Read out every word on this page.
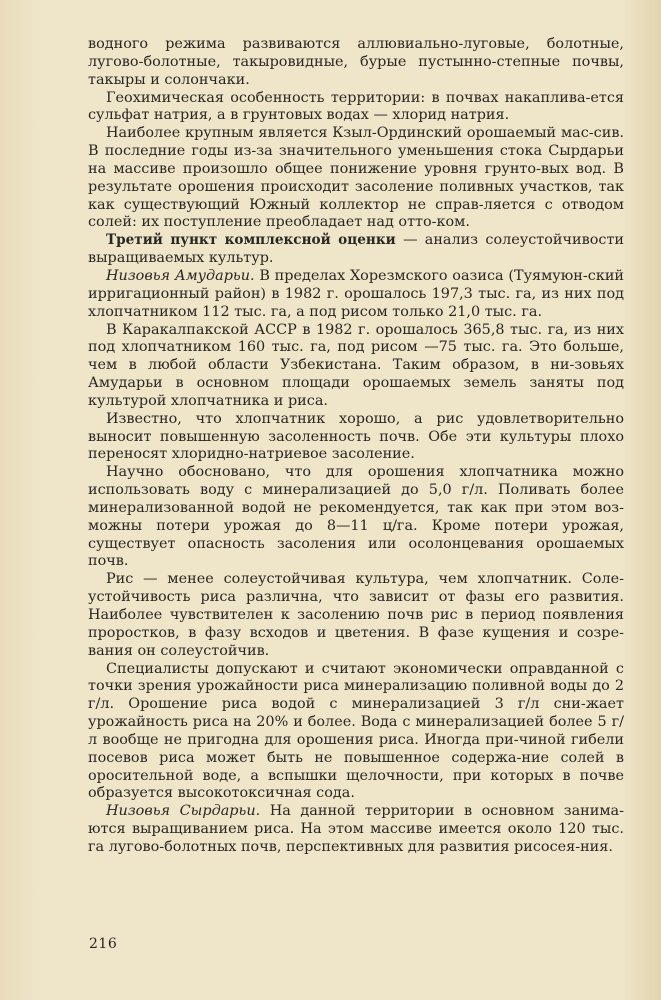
водного режима развиваются аллювиально-луговые, болотные, лугово-болотные, такыровидные, бурые пустынно-степные почвы, такыры и солончаки.

Геохимическая особенность территории: в почвах накаплива-ется сульфат натрия, а в грунтовых водах — хлорид натрия.

Наиболее крупным является Кзыл-Ординский орошаемый мас-сив. В последние годы из-за значительного уменьшения стока Сырдарьи на массиве произошло общее понижение уровня грунто-вых вод. В результате орошения происходит засоление поливных участков, так как существующий Южный коллектор не справ-ляется с отводом солей: их поступление преобладает над отто-ком.

Третий пункт комплексной оценки — анализ солеустойчивости выращиваемых культур.

Низовья Амударьи. В пределах Хорезмского оазиса (Туямуюн-ский ирригационный район) в 1982 г. орошалось 197,3 тыс. га, из них под хлопчатником 112 тыс. га, а под рисом только 21,0 тыс. га.

В Каракалпакской АССР в 1982 г. орошалось 365,8 тыс. га, из них под хлопчатником 160 тыс. га, под рисом —75 тыс. га. Это больше, чем в любой области Узбекистана. Таким образом, в ни-зовьях Амударьи в основном площади орошаемых земель заняты под культурой хлопчатника и риса.

Известно, что хлопчатник хорошо, а рис удовлетворительно выносит повышенную засоленность почв. Обе эти культуры плохо переносят хлоридно-натриевое засоление.

Научно обосновано, что для орошения хлопчатника можно использовать воду с минерализацией до 5,0 г/л. Поливать более минерализованной водой не рекомендуется, так как при этом воз-можны потери урожая до 8—11 ц/га. Кроме потери урожая, существует опасность засоления или осолонцевания орошаемых почв.

Рис — менее солеустойчивая культура, чем хлопчатник. Соле-устойчивость риса различна, что зависит от фазы его развития. Наиболее чувствителен к засолению почв рис в период появления проростков, в фазу всходов и цветения. В фазе кущения и созре-вания он солеустойчив.

Специалисты допускают и считают экономически оправданной с точки зрения урожайности риса минерализацию поливной воды до 2 г/л. Орошение риса водой с минерализацией 3 г/л сни-жает урожайность риса на 20% и более. Вода с минерализацией более 5 г/л вообще не пригодна для орошения риса. Иногда при-чиной гибели посевов риса может быть не повышенное содержа-ние солей в оросительной воде, а вспышки щелочности, при которых в почве образуется высокотоксичная сода.

Низовья Сырдарьи. На данной территории в основном занима-ются выращиванием риса. На этом массиве имеется около 120 тыс. га лугово-болотных почв, перспективных для развития рисосея-ния.

216
